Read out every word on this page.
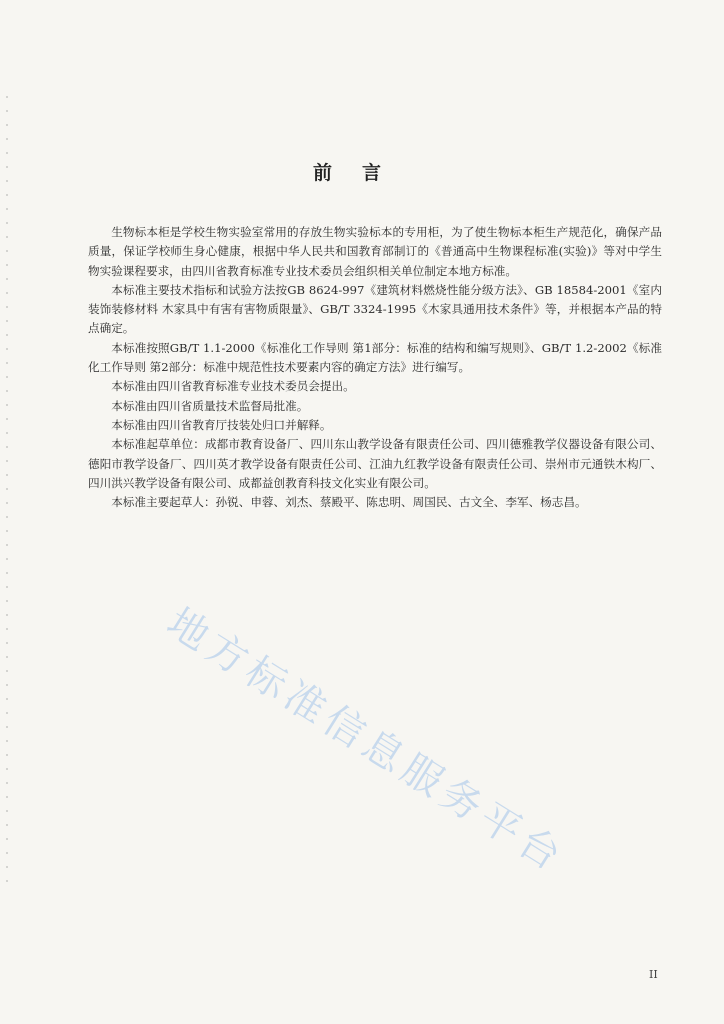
前言

生物标本柜是学校生物实验室常用的存放生物实验标本的专用柜，为了使生物标本柜生产规范化，确保产品质量，保证学校师生身心健康，根据中华人民共和国教育部制订的《普通高中生物课程标准(实验)》等对中学生物实验课程要求，由四川省教育标准专业技术委员会组织相关单位制定本地方标准。

本标准主要技术指标和试验方法按GB 8624-997《建筑材料燃烧性能分级方法》、GB 18584-2001《室内装饰装修材料 木家具中有害有害物质限量》、GB/T 3324-1995《木家具通用技术条件》等，并根据本产品的特点确定。

本标准按照GB/T 1.1-2000《标准化工作导则 第1部分：标准的结构和编写规则》、GB/T 1.2-2002《标准化工作导则 第2部分：标准中规范性技术要素内容的确定方法》进行编写。

本标准由四川省教育标准专业技术委员会提出。

本标准由四川省质量技术监督局批准。

本标准由四川省教育厅技装处归口并解释。

本标准起草单位：成都市教育设备厂、四川东山教学设备有限责任公司、四川德雅教学仪器设备有限公司、德阳市教学设备厂、四川英才教学设备有限责任公司、江油九红教学设备有限责任公司、崇州市元通铁木构厂、四川洪兴教学设备有限公司、成都益创教育科技文化实业有限公司。

本标准主要起草人：孙锐、申蓉、刘杰、蔡殿平、陈忠明、周国民、古文全、李军、杨志昌。

地方标准信息服务平台
II
